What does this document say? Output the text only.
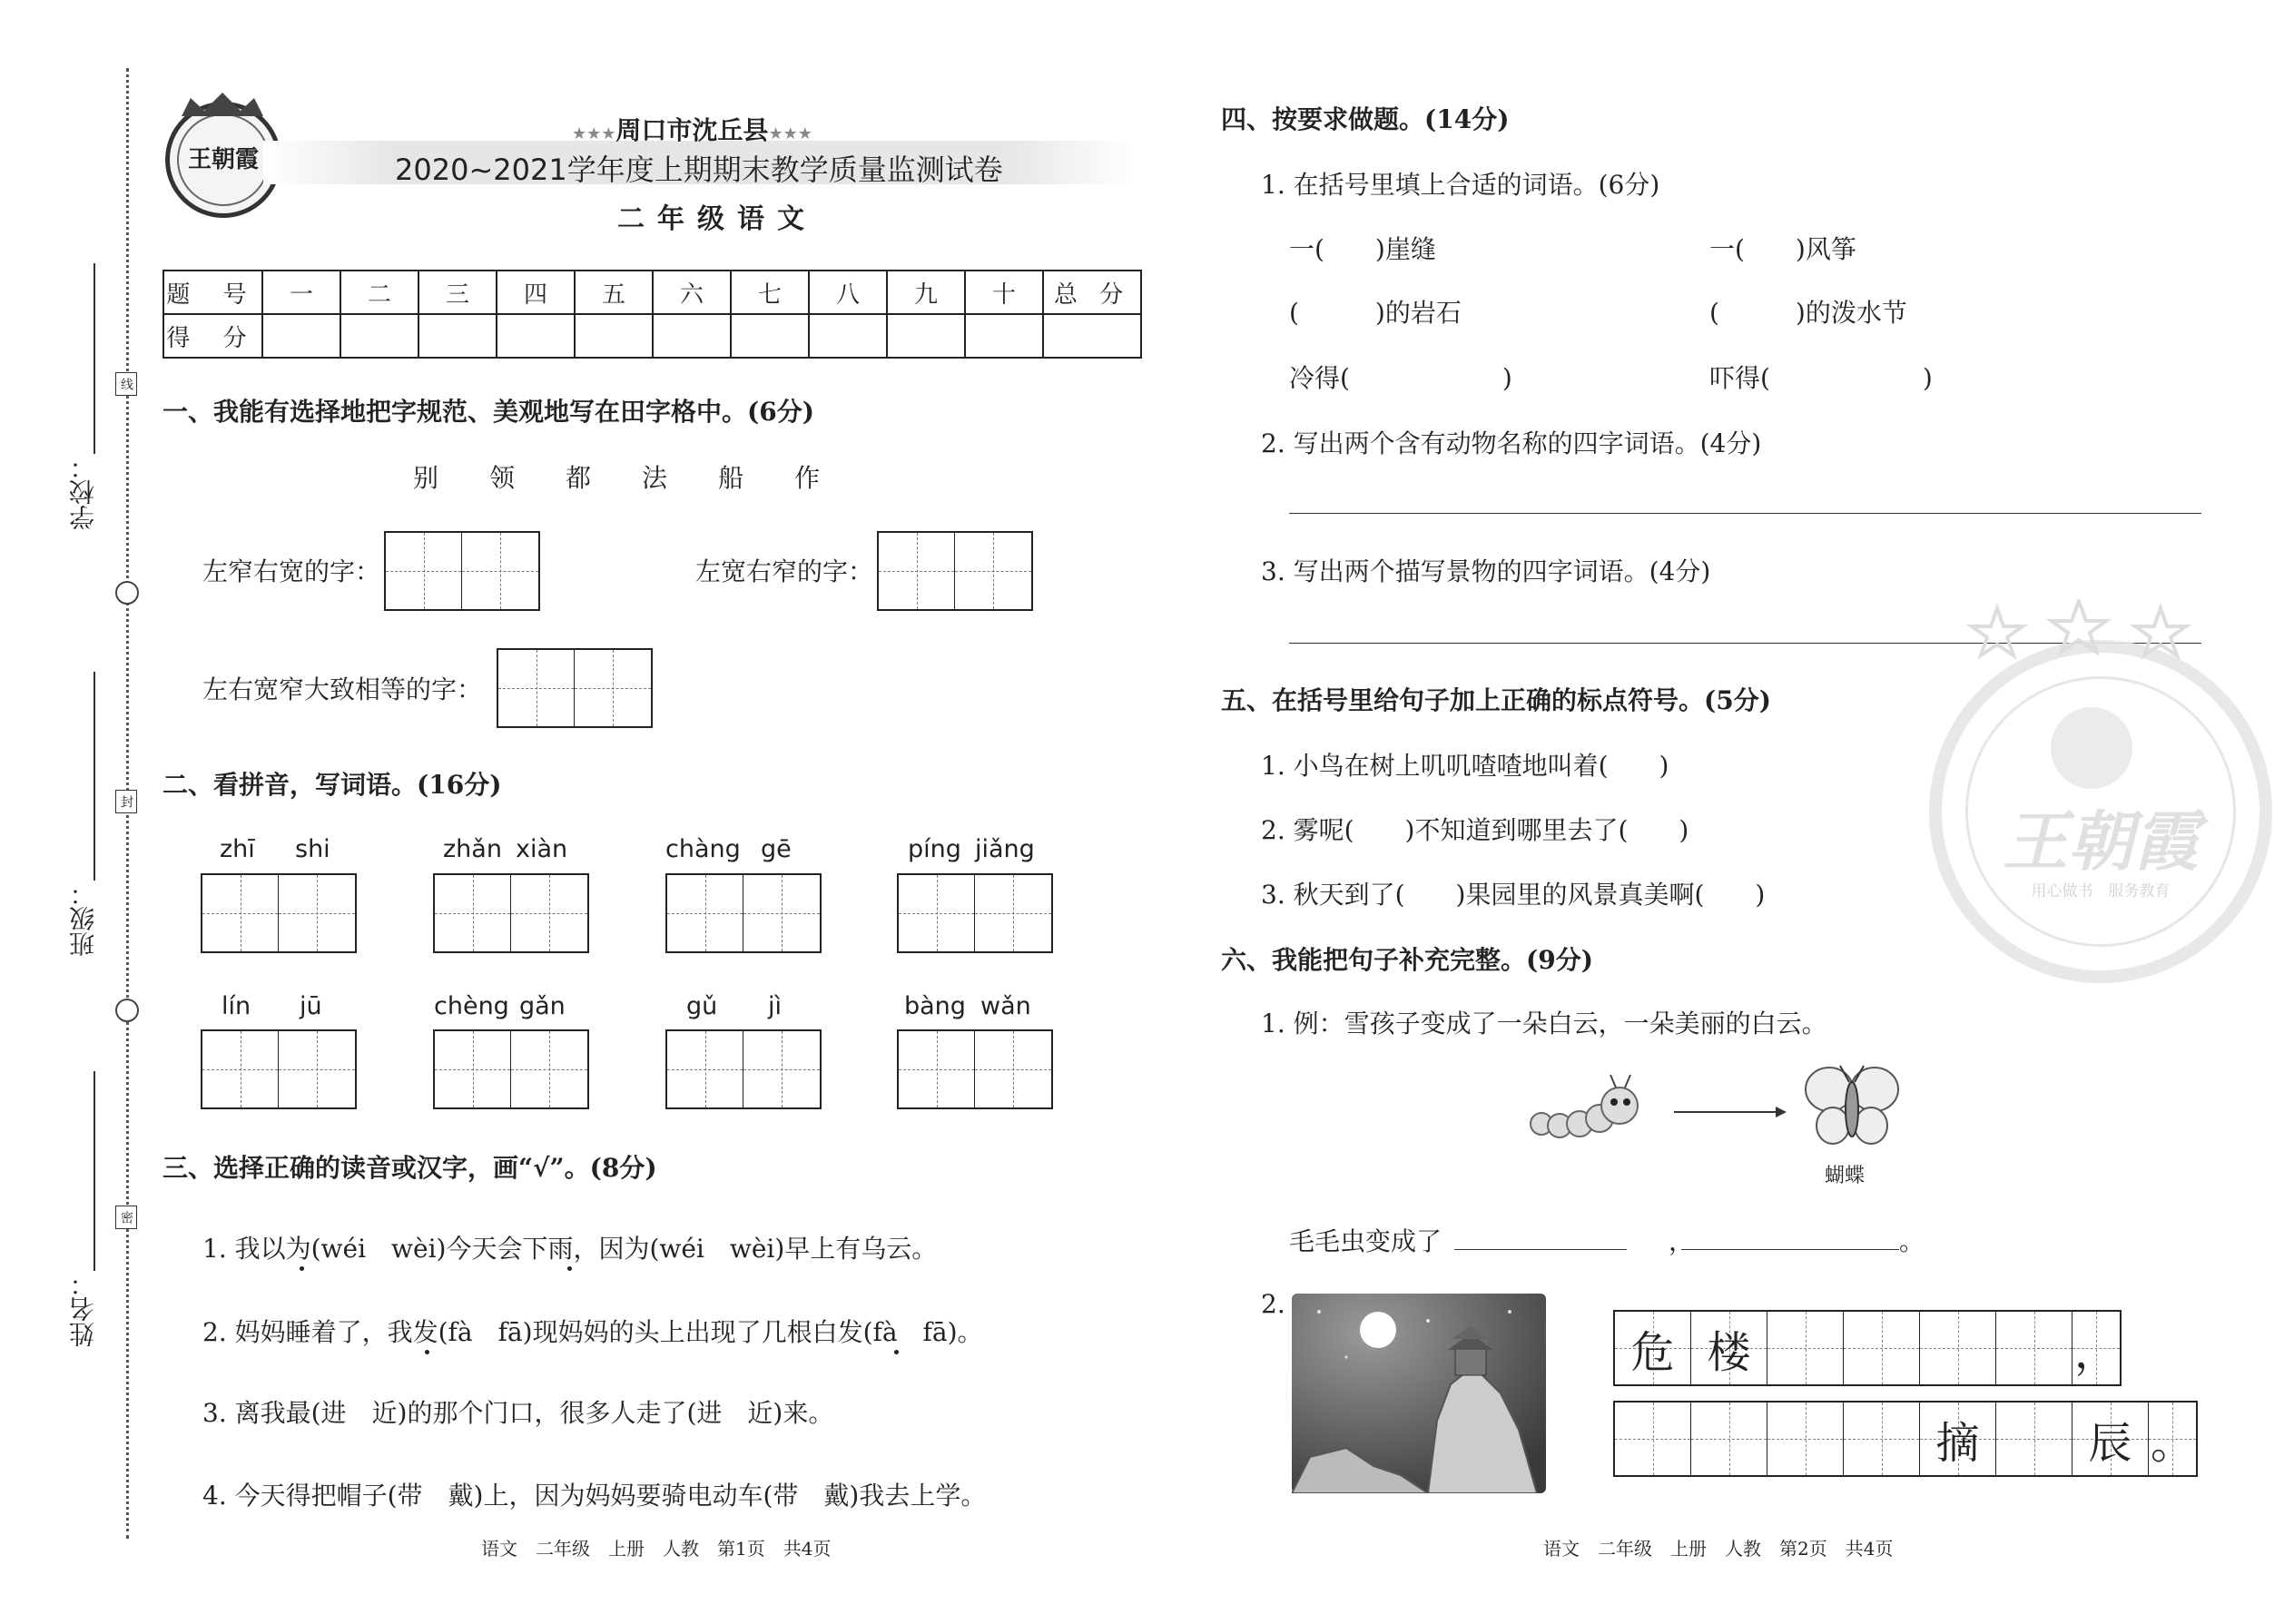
学校：
线
班级：
封
姓名：
密
王朝霞
★★★周口市沈丘县★★★
2020~2021学年度上期期末教学质量监测试卷
二年级语文
题 号	一	二	三	四	五	六	七	八	九	十	总 分
得 分											
一、我能有选择地把字规范、美观地写在田字格中。(6分)
别 领 都 法 船 作
左窄右宽的字：	左宽右窄的字：
左右宽窄大致相等的字：
二、看拼音，写词语。(16分)
zhī shi	zhǎn xiàn	chàng gē	píng jiǎng
lín jū	chèng gǎn	gǔ jì	bàng wǎn
三、选择正确的读音或汉字，画“√”。(8分)
1. 我以为(wéi　wèi)今天会下雨，因为(wéi　wèi)早上有乌云。
2. 妈妈睡着了，我发(fà　fā)现妈妈的头上出现了几根白发(fà　fā)。
3. 离我最(进　近)的那个门口，很多人走了(进　近)来。
4. 今天得把帽子(带　戴)上，因为妈妈要骑电动车(带　戴)我去上学。
语文　二年级　上册　人教　第1页　共4页
四、按要求做题。(14分)
1. 在括号里填上合适的词语。(6分)
一(　　)崖缝	一(　　)风筝
(　　　)的岩石	(　　　)的泼水节
冷得(　　　　　　)	吓得(　　　　　　)
2. 写出两个含有动物名称的四字词语。(4分)
3. 写出两个描写景物的四字词语。(4分)
王朝霞
用心做书　服务教育
五、在括号里给句子加上正确的标点符号。(5分)
1. 小鸟在树上叽叽喳喳地叫着(　　)
2. 雾呢(　　)不知道到哪里去了(　　)
3. 秋天到了(　　)果园里的风景真美啊(　　)
六、我能把句子补充完整。(9分)
1. 例：雪孩子变成了一朵白云，一朵美丽的白云。
蝴蝶
毛毛虫变成了	，	。
2.
危 楼	，
摘 辰 。
语文　二年级　上册　人教　第2页　共4页
